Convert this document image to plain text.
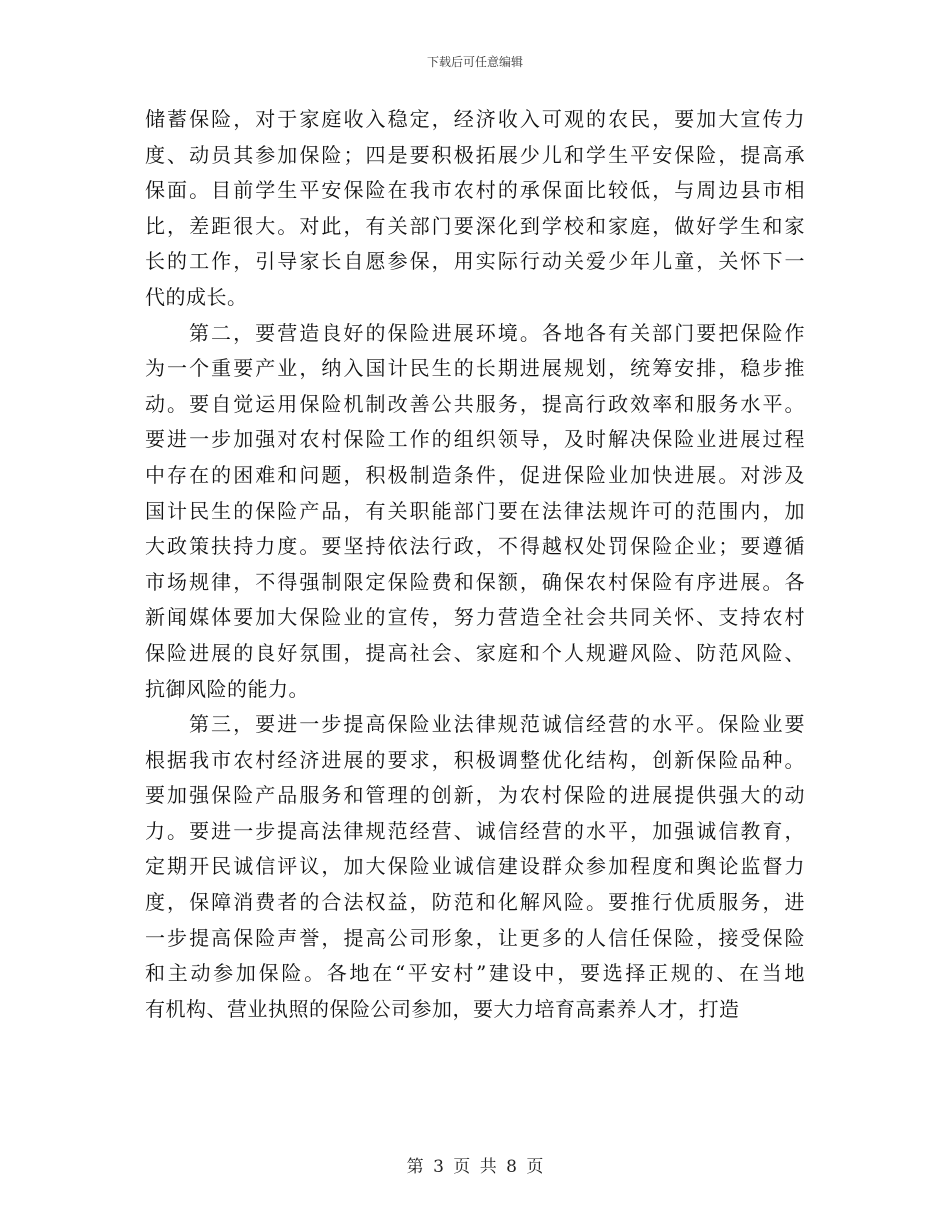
下载后可任意编辑
储蓄保险，对于家庭收入稳定，经济收入可观的农民，要加大宣传力
度、动员其参加保险；四是要积极拓展少儿和学生平安保险，提高承
保面。目前学生平安保险在我市农村的承保面比较低，与周边县市相
比，差距很大。对此，有关部门要深化到学校和家庭，做好学生和家
长的工作，引导家长自愿参保，用实际行动关爱少年儿童，关怀下一
代的成长。
第二，要营造良好的保险进展环境。各地各有关部门要把保险作
为一个重要产业，纳入国计民生的长期进展规划，统筹安排，稳步推
动。要自觉运用保险机制改善公共服务，提高行政效率和服务水平。
要进一步加强对农村保险工作的组织领导，及时解决保险业进展过程
中存在的困难和问题，积极制造条件，促进保险业加快进展。对涉及
国计民生的保险产品，有关职能部门要在法律法规许可的范围内，加
大政策扶持力度。要坚持依法行政，不得越权处罚保险企业；要遵循
市场规律，不得强制限定保险费和保额，确保农村保险有序进展。各
新闻媒体要加大保险业的宣传，努力营造全社会共同关怀、支持农村
保险进展的良好氛围，提高社会、家庭和个人规避风险、防范风险、
抗御风险的能力。
第三，要进一步提高保险业法律规范诚信经营的水平。保险业要
根据我市农村经济进展的要求，积极调整优化结构，创新保险品种。
要加强保险产品服务和管理的创新，为农村保险的进展提供强大的动
力。要进一步提高法律规范经营、诚信经营的水平，加强诚信教育，
定期开民诚信评议，加大保险业诚信建设群众参加程度和舆论监督力
度，保障消费者的合法权益，防范和化解风险。要推行优质服务，进
一步提高保险声誉，提高公司形象，让更多的人信任保险，接受保险
和主动参加保险。各地在“平安村”建设中，要选择正规的、在当地
有机构、营业执照的保险公司参加，要大力培育高素养人才，打造
第 3 页 共 8 页
